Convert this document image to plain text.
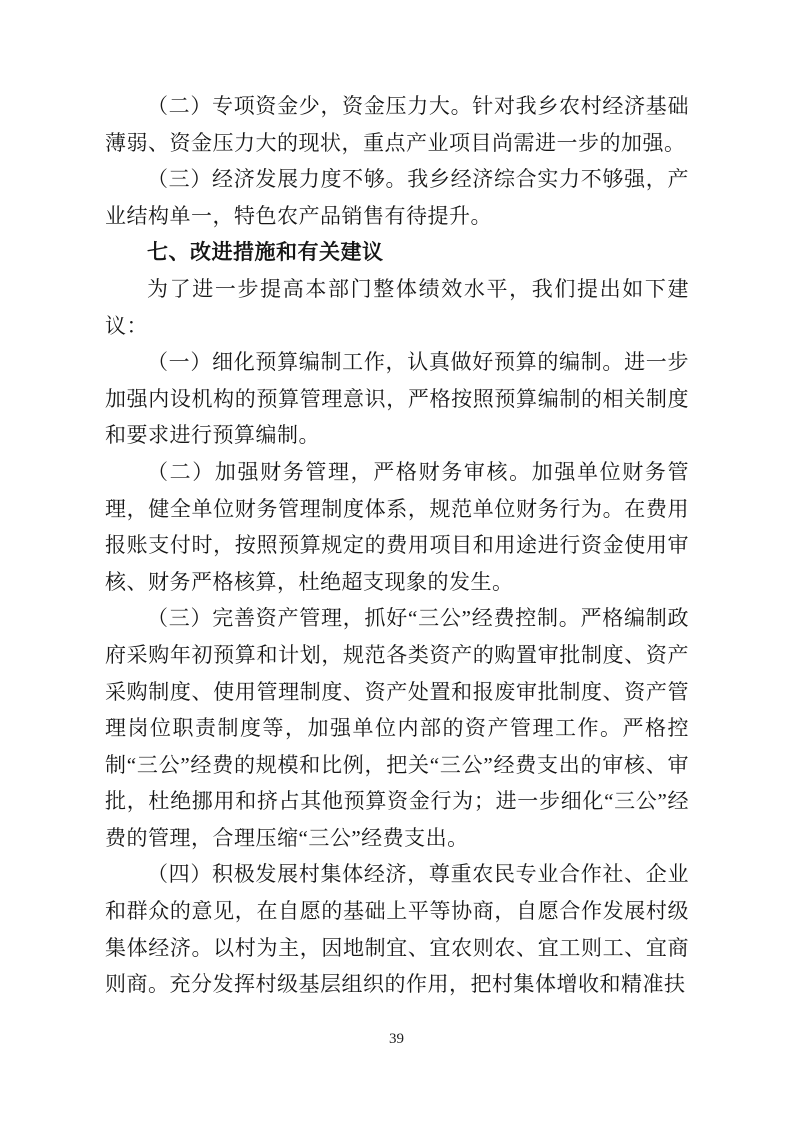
（二）专项资金少，资金压力大。针对我乡农村经济基础薄弱、资金压力大的现状，重点产业项目尚需进一步的加强。

（三）经济发展力度不够。我乡经济综合实力不够强，产业结构单一，特色农产品销售有待提升。

七、改进措施和有关建议

为了进一步提高本部门整体绩效水平，我们提出如下建议：

（一）细化预算编制工作，认真做好预算的编制。进一步加强内设机构的预算管理意识，严格按照预算编制的相关制度和要求进行预算编制。

（二）加强财务管理，严格财务审核。加强单位财务管理，健全单位财务管理制度体系，规范单位财务行为。在费用报账支付时，按照预算规定的费用项目和用途进行资金使用审核、财务严格核算，杜绝超支现象的发生。

（三）完善资产管理，抓好“三公”经费控制。严格编制政府采购年初预算和计划，规范各类资产的购置审批制度、资产采购制度、使用管理制度、资产处置和报废审批制度、资产管理岗位职责制度等，加强单位内部的资产管理工作。严格控制“三公”经费的规模和比例，把关“三公”经费支出的审核、审批，杜绝挪用和挤占其他预算资金行为；进一步细化“三公”经费的管理，合理压缩“三公”经费支出。

（四）积极发展村集体经济，尊重农民专业合作社、企业和群众的意见，在自愿的基础上平等协商，自愿合作发展村级集体经济。以村为主，因地制宜、宜农则农、宜工则工、宜商则商。充分发挥村级基层组织的作用，把村集体增收和精准扶

39
